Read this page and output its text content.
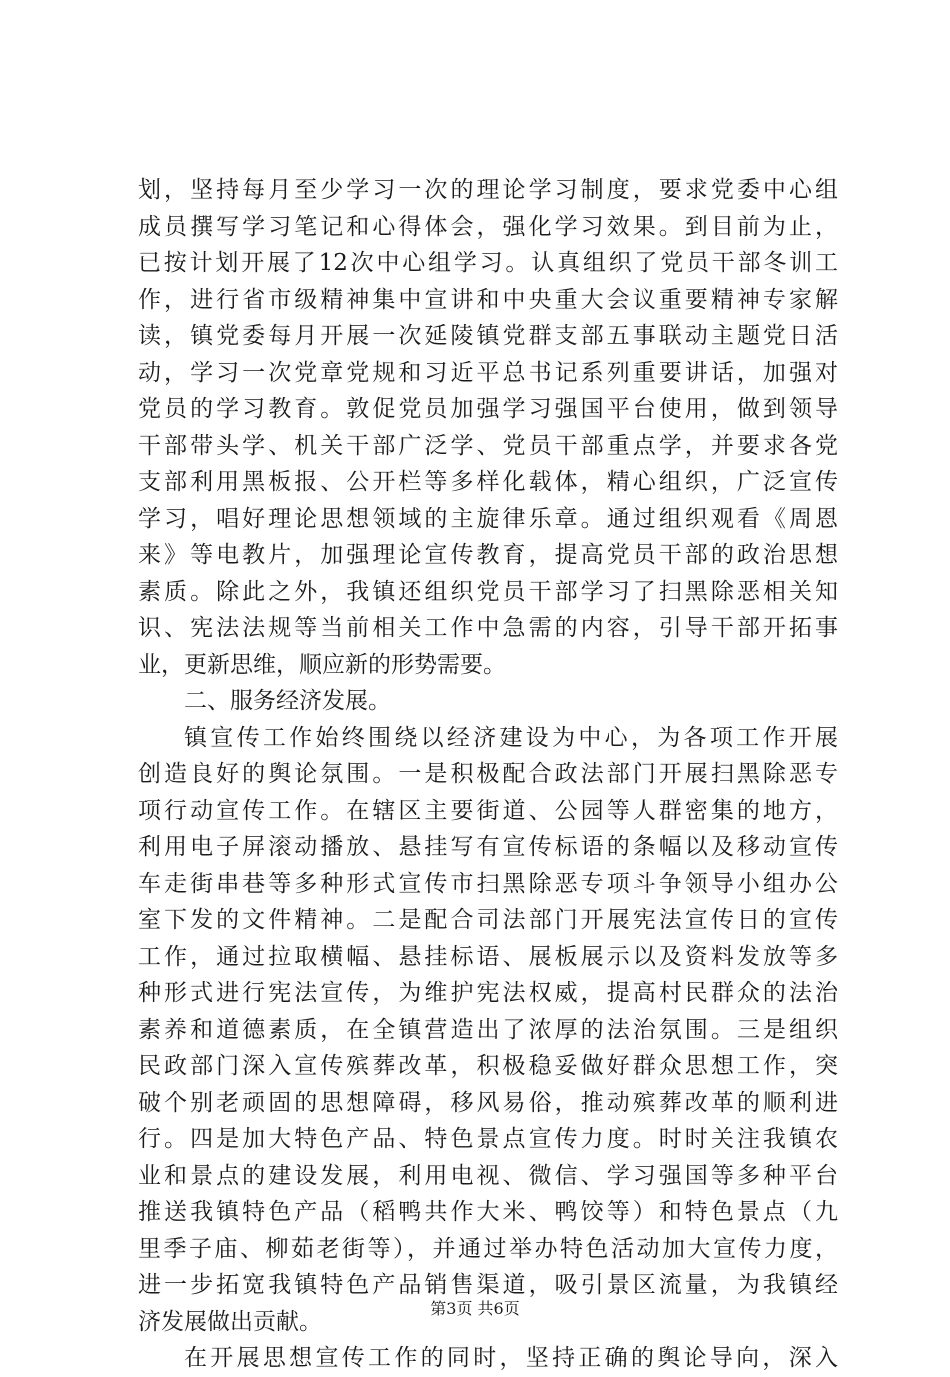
划，坚持每月至少学习一次的理论学习制度，要求党委中心组
成员撰写学习笔记和心得体会，强化学习效果。到目前为止，
已按计划开展了12次中心组学习。认真组织了党员干部冬训工
作，进行省市级精神集中宣讲和中央重大会议重要精神专家解
读，镇党委每月开展一次延陵镇党群支部五事联动主题党日活
动，学习一次党章党规和习近平总书记系列重要讲话，加强对
党员的学习教育。敦促党员加强学习强国平台使用，做到领导
干部带头学、机关干部广泛学、党员干部重点学，并要求各党
支部利用黑板报、公开栏等多样化载体，精心组织，广泛宣传
学习，唱好理论思想领域的主旋律乐章。通过组织观看《周恩
来》等电教片，加强理论宣传教育，提高党员干部的政治思想
素质。除此之外，我镇还组织党员干部学习了扫黑除恶相关知
识、宪法法规等当前相关工作中急需的内容，引导干部开拓事
业，更新思维，顺应新的形势需要。
二、服务经济发展。
镇宣传工作始终围绕以经济建设为中心，为各项工作开展
创造良好的舆论氛围。一是积极配合政法部门开展扫黑除恶专
项行动宣传工作。在辖区主要街道、公园等人群密集的地方，
利用电子屏滚动播放、悬挂写有宣传标语的条幅以及移动宣传
车走街串巷等多种形式宣传市扫黑除恶专项斗争领导小组办公
室下发的文件精神。二是配合司法部门开展宪法宣传日的宣传
工作，通过拉取横幅、悬挂标语、展板展示以及资料发放等多
种形式进行宪法宣传，为维护宪法权威，提高村民群众的法治
素养和道德素质，在全镇营造出了浓厚的法治氛围。三是组织
民政部门深入宣传殡葬改革，积极稳妥做好群众思想工作，突
破个别老顽固的思想障碍，移风易俗，推动殡葬改革的顺利进
行。四是加大特色产品、特色景点宣传力度。时时关注我镇农
业和景点的建设发展，利用电视、微信、学习强国等多种平台
推送我镇特色产品（稻鸭共作大米、鸭饺等）和特色景点（九
里季子庙、柳茹老街等），并通过举办特色活动加大宣传力度，
进一步拓宽我镇特色产品销售渠道，吸引景区流量，为我镇经
济发展做出贡献。
在开展思想宣传工作的同时，坚持正确的舆论导向，深入
第3页 共6页
